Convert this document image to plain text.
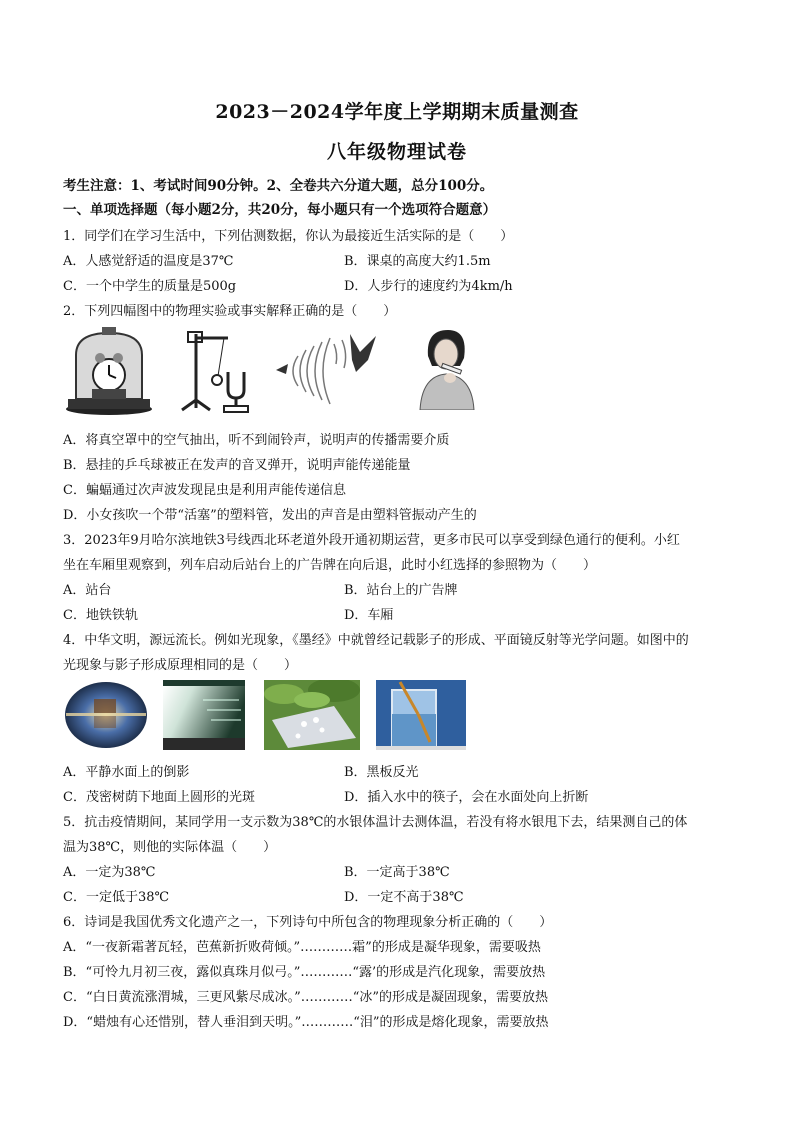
2023－2024学年度上学期期末质量测查
八年级物理试卷
考生注意：1、考试时间90分钟。2、全卷共六分道大题，总分100分。
一、单项选择题（每小题2分，共20分，每小题只有一个选项符合题意）
1．同学们在学习生活中，下列估测数据，你认为最接近生活实际的是（　　）
A．人感觉舒适的温度是37℃	B．课桌的高度大约1.5m
C．一个中学生的质量是500g	D．人步行的速度约为4km/h
2．下列四幅图中的物理实验或事实解释正确的是（　　）
A．将真空罩中的空气抽出，听不到闹铃声，说明声的传播需要介质
B．悬挂的乒乓球被正在发声的音叉弹开，说明声能传递能量
C．蝙蝠通过次声波发现昆虫是利用声能传递信息
D．小女孩吹一个带“活塞”的塑料管，发出的声音是由塑料管振动产生的
3．2023年9月哈尔滨地铁3号线西北环老道外段开通初期运营，更多市民可以享受到绿色通行的便利。小红
坐在车厢里观察到，列车启动后站台上的广告牌在向后退，此时小红选择的参照物为（　　）
A．站台	B．站台上的广告牌
C．地铁铁轨	D．车厢
4．中华文明，源远流长。例如光现象，《墨经》中就曾经记载影子的形成、平面镜反射等光学问题。如图中的
光现象与影子形成原理相同的是（　　）
A．平静水面上的倒影	B．黑板反光
C．茂密树荫下地面上圆形的光斑	D．插入水中的筷子，会在水面处向上折断
5．抗击疫情期间，某同学用一支示数为38℃的水银体温计去测体温，若没有将水银甩下去，结果测自己的体
温为38℃，则他的实际体温（　　）
A．一定为38℃	B．一定高于38℃
C．一定低于38℃	D．一定不高于38℃
6．诗词是我国优秀文化遗产之一，下列诗句中所包含的物理现象分析正确的（　　）
A．“一夜新霜著瓦轻，芭蕉新折败荷倾。”…………霜”的形成是凝华现象，需要吸热
B．“可怜九月初三夜，露似真珠月似弓。”…………“露’的形成是汽化现象，需要放热
C．“白日黄流涨渭城，三更风紫尽成冰。”…………“冰”的形成是凝固现象，需要放热
D．“蜡烛有心还惜别，替人垂泪到天明。”…………“泪”的形成是熔化现象，需要放热
